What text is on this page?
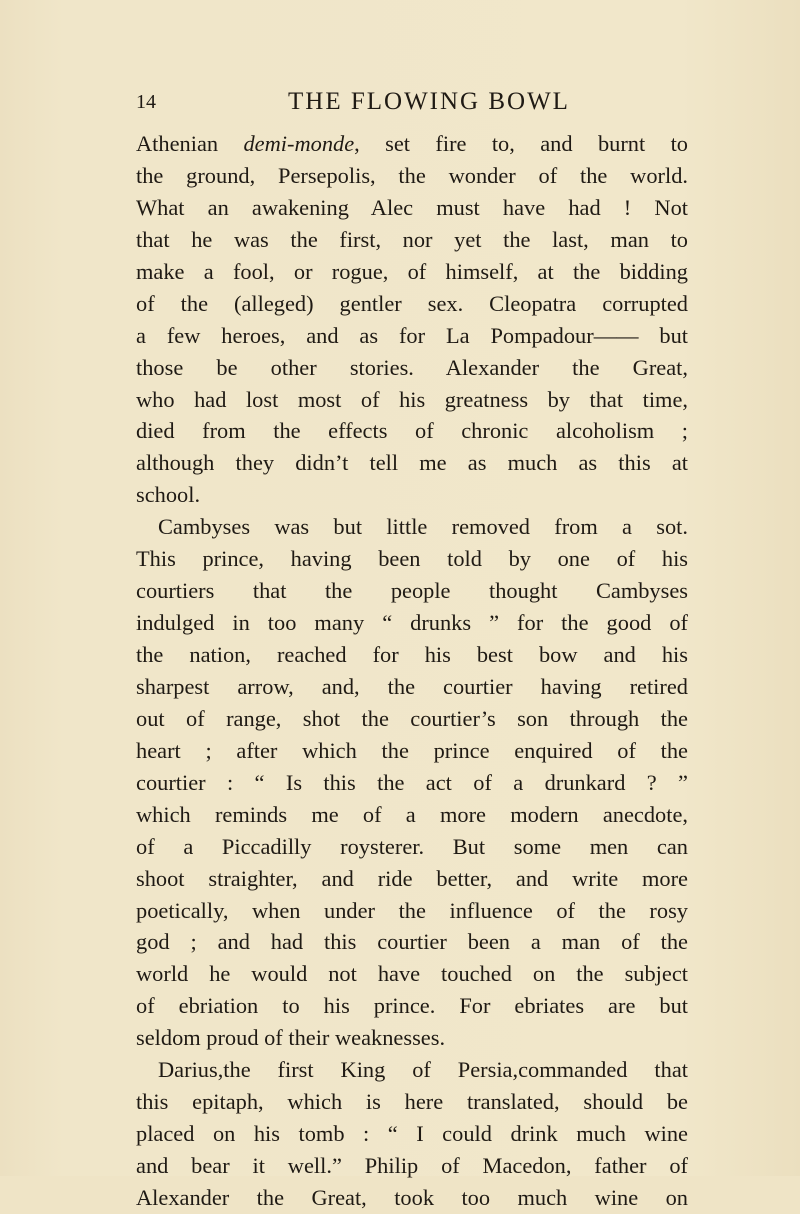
14	THE FLOWING BOWL
Athenian demi-monde, set fire to, and burnt to
the ground, Persepolis, the wonder of the world.
What an awakening Alec must have had ! Not
that he was the first, nor yet the last, man to
make a fool, or rogue, of himself, at the bidding
of the (alleged) gentler sex. Cleopatra corrupted
a few heroes, and as for La Pompadour—— but
those be other stories. Alexander the Great,
who had lost most of his greatness by that time,
died from the effects of chronic alcoholism ;
although they didn’t tell me as much as this at
school.
Cambyses was but little removed from a sot.
This prince, having been told by one of his
courtiers that the people thought Cambyses
indulged in too many “ drunks ” for the good of
the nation, reached for his best bow and his
sharpest arrow, and, the courtier having retired
out of range, shot the courtier’s son through the
heart ; after which the prince enquired of the
courtier : “ Is this the act of a drunkard ? ”
which reminds me of a more modern anecdote,
of a Piccadilly roysterer. But some men can
shoot straighter, and ride better, and write more
poetically, when under the influence of the rosy
god ; and had this courtier been a man of the
world he would not have touched on the subject
of ebriation to his prince. For ebriates are but
seldom proud of their weaknesses.
Darius,the first King of Persia,commanded that
this epitaph, which is here translated, should be
placed on his tomb : “ I could drink much wine
and bear it well.” Philip of Macedon, father of
Alexander the Great, took too much wine on
